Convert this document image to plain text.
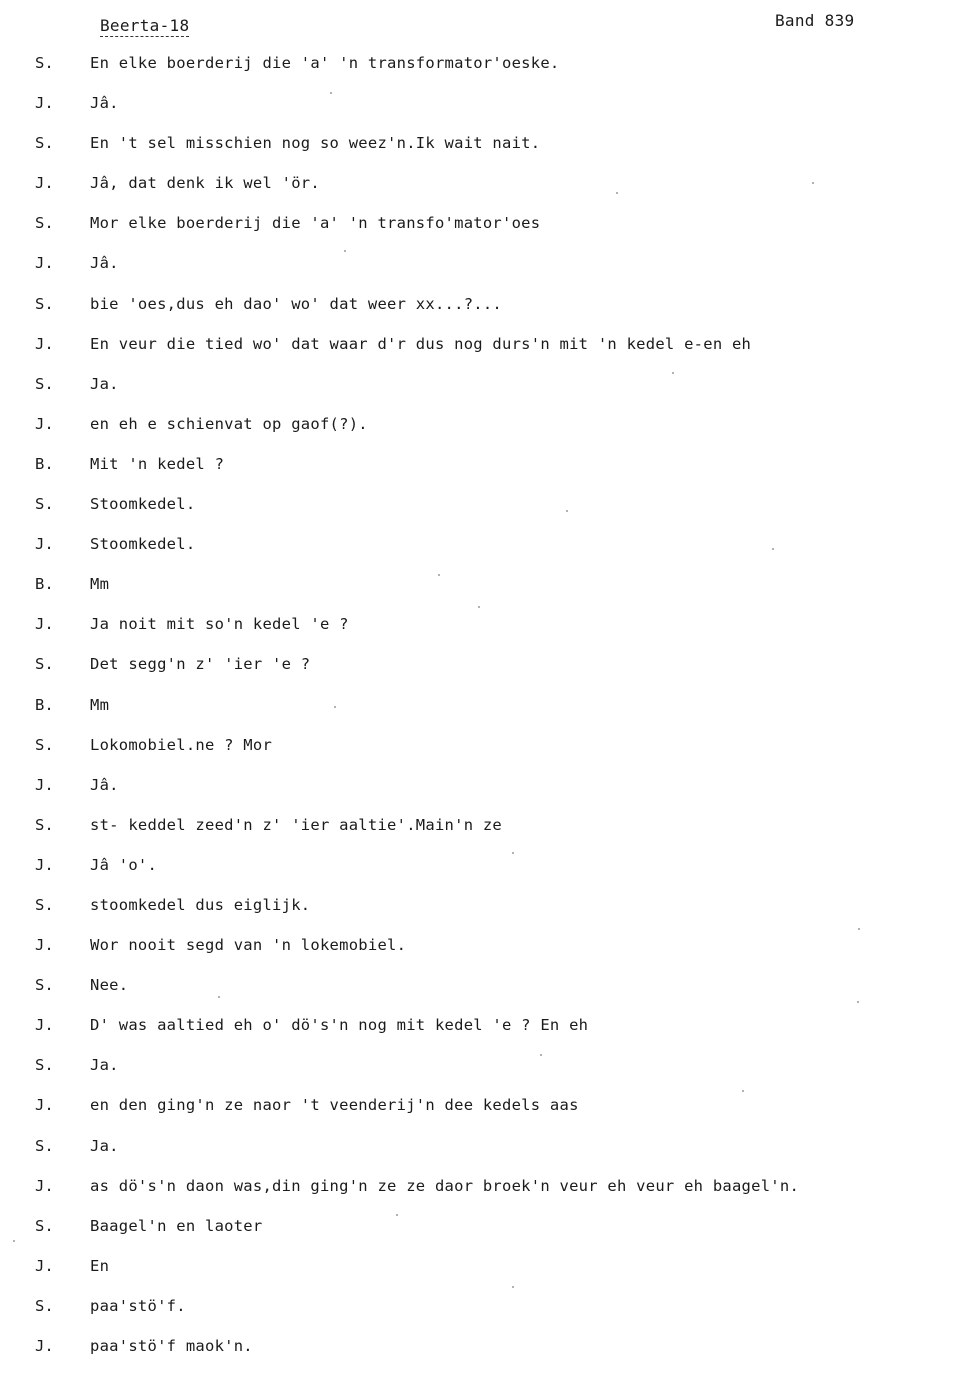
Beerta-18	Band 839
S.	En elke boerderij die 'a' 'n transformator'oeske.
J.	Jâ.
S.	En 't sel misschien nog so weez'n.Ik wait nait.
J.	Jâ, dat denk ik wel 'ör.
S.	Mor elke boerderij die 'a' 'n transfo'mator'oes
J.	Jâ.
S.	bie 'oes,dus eh dao' wo' dat weer xx...?...
J.	En veur die tied wo' dat waar d'r dus nog durs'n mit 'n kedel e-en eh
S.	Ja.
J.	en eh e schienvat op gaof(?).
B.	Mit 'n kedel ?
S.	Stoomkedel.
J.	Stoomkedel.
B.	Mm
J.	Ja noit mit so'n kedel 'e ?
S.	Det segg'n z' 'ier 'e ?
B.	Mm
S.	Lokomobiel.ne ? Mor
J.	Jâ.
S.	st- keddel zeed'n z' 'ier aaltie'.Main'n ze
J.	Jâ 'o'.
S.	stoomkedel dus eiglijk.
J.	Wor nooit segd van 'n lokemobiel.
S.	Nee.
J.	D' was aaltied eh o' dö's'n nog mit kedel 'e ? En eh
S.	Ja.
J.	en den ging'n ze naor 't veenderij'n dee kedels aas
S.	Ja.
J.	as dö's'n daon was,din ging'n ze ze daor broek'n veur eh veur eh baagel'n.
S.	Baagel'n en laoter
J.	En
S.	paa'stö'f.
J.	paa'stö'f maok'n.
